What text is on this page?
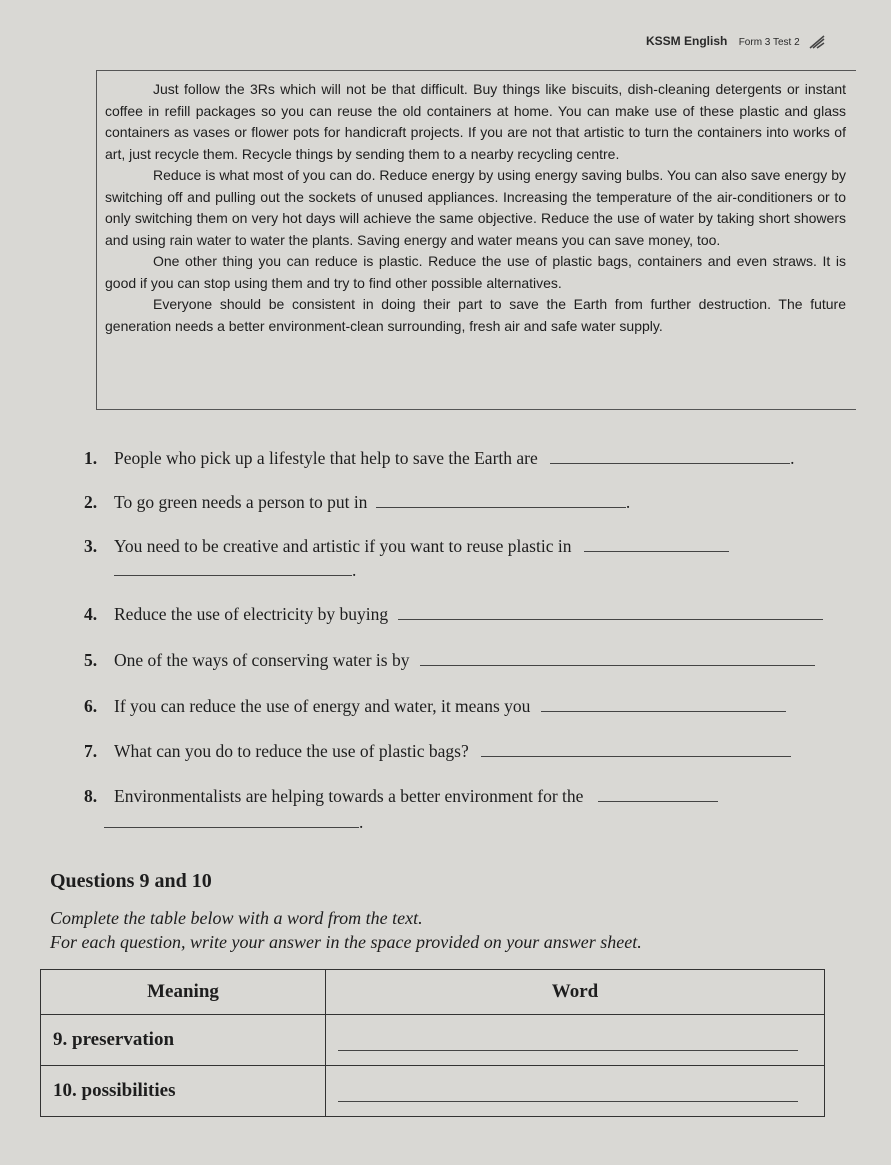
KSSM English Form 3 Test 2

Just follow the 3Rs which will not be that difficult. Buy things like biscuits, dish-cleaning detergents or instant coffee in refill packages so you can reuse the old containers at home. You can make use of these plastic and glass containers as vases or flower pots for handicraft projects. If you are not that artistic to turn the containers into works of art, just recycle them. Recycle things by sending them to a nearby recycling centre.

Reduce is what most of you can do. Reduce energy by using energy saving bulbs. You can also save energy by switching off and pulling out the sockets of unused appliances. Increasing the temperature of the air-conditioners or to only switching them on very hot days will achieve the same objective. Reduce the use of water by taking short showers and using rain water to water the plants. Saving energy and water means you can save money, too.

One other thing you can reduce is plastic. Reduce the use of plastic bags, containers and even straws. It is good if you can stop using them and try to find other possible alternatives.

Everyone should be consistent in doing their part to save the Earth from further destruction. The future generation needs a better environment-clean surrounding, fresh air and safe water supply.

1. People who pick up a lifestyle that help to save the Earth are	.
2. To go green needs a person to put in	.
3. You need to be creative and artistic if you want to reuse plastic in
.
4. Reduce the use of electricity by buying
5. One of the ways of conserving water is by
6. If you can reduce the use of energy and water, it means you
7. What can you do to reduce the use of plastic bags?
8. Environmentalists are helping towards a better environment for the
.
Questions 9 and 10
Complete the table below with a word from the text.
For each question, write your answer in the space provided on your answer sheet.
Meaning	Word
9. preservation	
10. possibilities	
